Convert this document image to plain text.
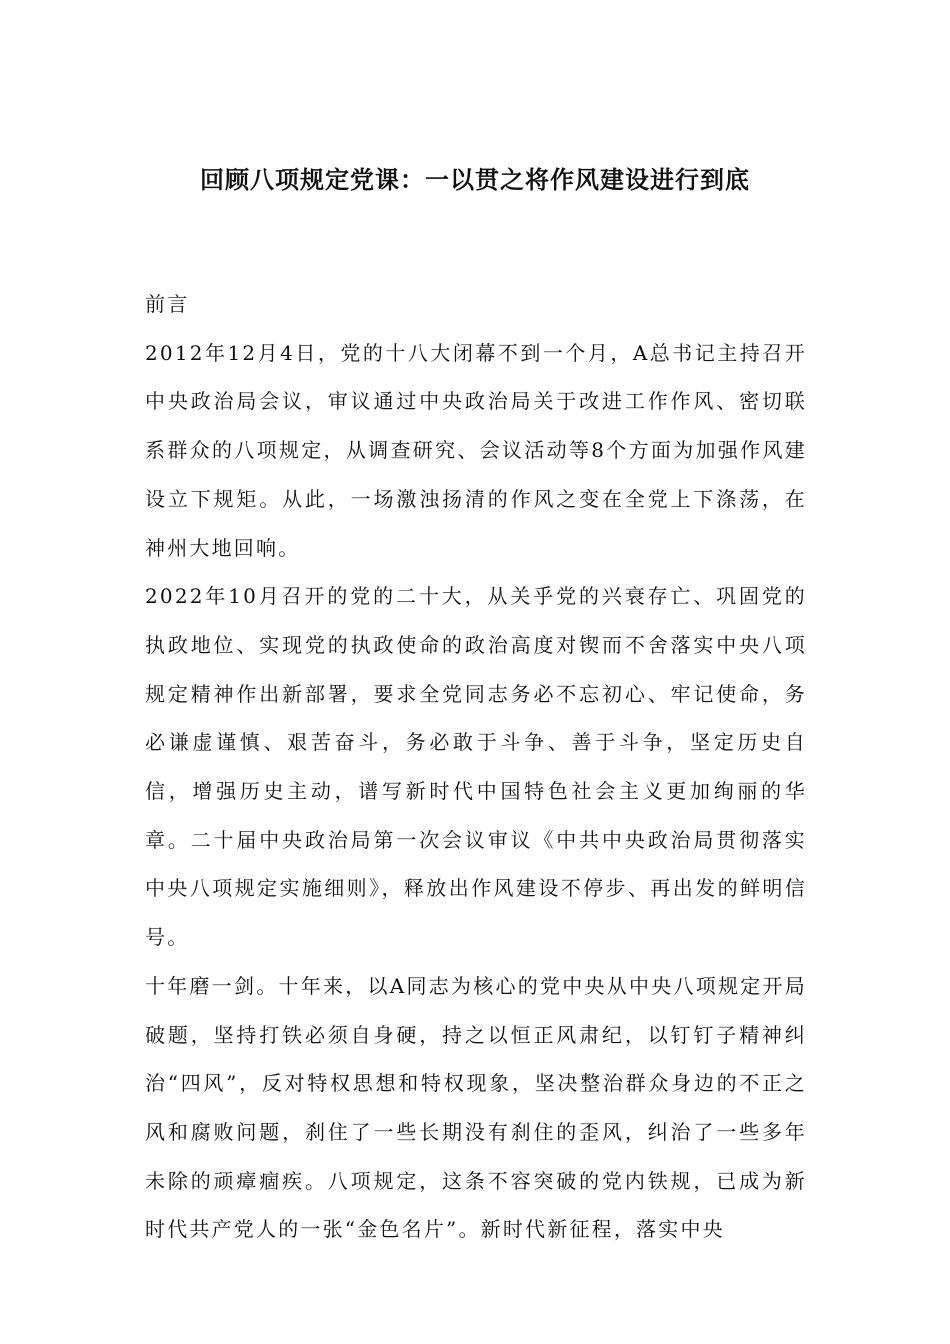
回顾八项规定党课：一以贯之将作风建设进行到底

前言

2012年12月4日，党的十八大闭幕不到一个月，A总书记主持召开中央政治局会议，审议通过中央政治局关于改进工作作风、密切联系群众的八项规定，从调查研究、会议活动等8个方面为加强作风建设立下规矩。从此，一场激浊扬清的作风之变在全党上下涤荡，在神州大地回响。

2022年10月召开的党的二十大，从关乎党的兴衰存亡、巩固党的执政地位、实现党的执政使命的政治高度对锲而不舍落实中央八项规定精神作出新部署，要求全党同志务必不忘初心、牢记使命，务必谦虚谨慎、艰苦奋斗，务必敢于斗争、善于斗争，坚定历史自信，增强历史主动，谱写新时代中国特色社会主义更加绚丽的华章。二十届中央政治局第一次会议审议《中共中央政治局贯彻落实中央八项规定实施细则》，释放出作风建设不停步、再出发的鲜明信号。

十年磨一剑。十年来，以A同志为核心的党中央从中央八项规定开局破题，坚持打铁必须自身硬，持之以恒正风肃纪，以钉钉子精神纠治“四风”，反对特权思想和特权现象，坚决整治群众身边的不正之风和腐败问题，刹住了一些长期没有刹住的歪风，纠治了一些多年未除的顽瘴痼疾。八项规定，这条不容突破的党内铁规，已成为新时代共产党人的一张“金色名片”。新时代新征程，落实中央
